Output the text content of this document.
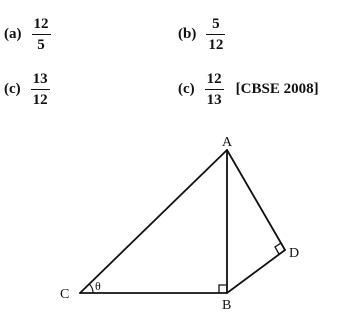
$(a) \frac{12}{5}$	$(b) \frac{5}{12}$
$(c) \frac{13}{12}$	$(c) \frac{12}{13}$ [CBSE 2008]
A
B
C
D
θ
